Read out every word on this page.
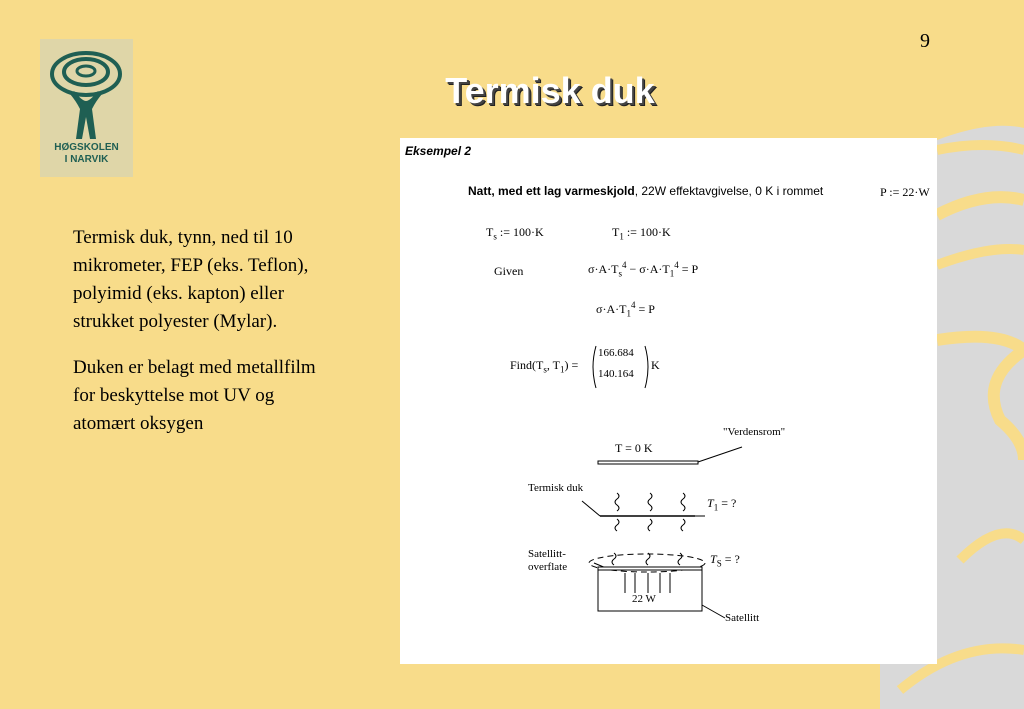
9
Termisk duk
HØGSKOLEN
I NARVIK

Termisk duk, tynn, ned til 10 mikrometer, FEP (eks. Teflon), polyimid (eks. kapton) eller strukket polyester (Mylar).

Duken er belagt med metallfilm for beskyttelse mot UV og atomært oksygen

Eksempel 2
Natt, med ett lag varmeskjold, 22W effektavgivelse, 0 K i rommet	P := 22·W
$T_s$ := 100·K	$T_1$ := 100·K
Given	$\sigma\cdot A\cdot T_s^4 - \sigma\cdot A\cdot T_1^4 = P$
$\sigma\cdot A\cdot T_1^4 = P$
$Find(T_s$, $T_1$) =
166.684
140.164
K
"Verdensrom"
T = 0 K
Termisk duk
$T_1$ = ?
Satellitt-
overflate
$T_S$ = ?
22 W
Satellitt
